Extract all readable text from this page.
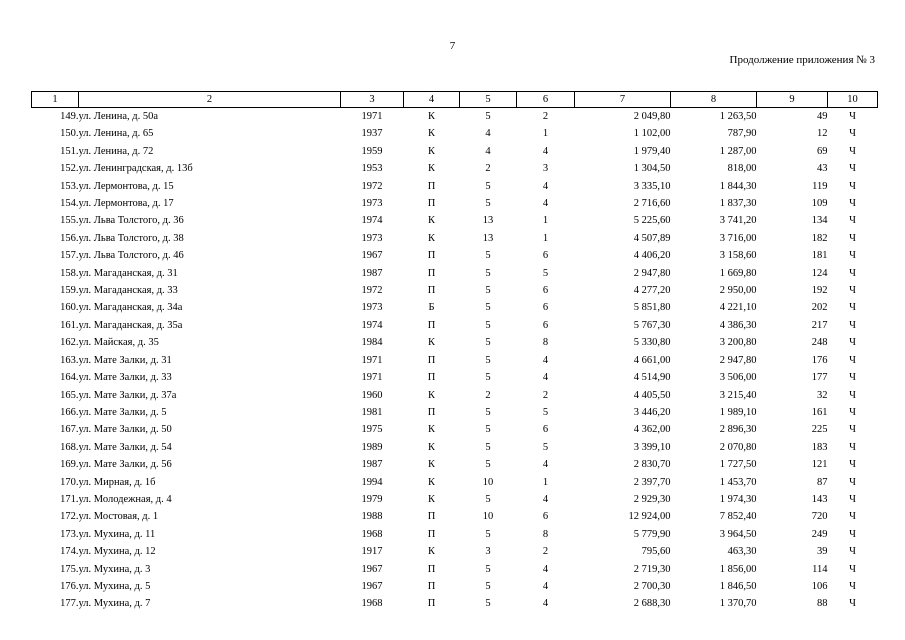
7
Продолжение приложения № 3
1	2	3	4	5	6	7	8	9	10
149.	ул. Ленина, д. 50а	1971	К	5	2	2 049,80	1 263,50	49	Ч
150.	ул. Ленина, д. 65	1937	К	4	1	1 102,00	787,90	12	Ч
151.	ул. Ленина, д. 72	1959	К	4	4	1 979,40	1 287,00	69	Ч
152.	ул. Ленинградская, д. 13б	1953	К	2	3	1 304,50	818,00	43	Ч
153.	ул. Лермонтова, д. 15	1972	П	5	4	3 335,10	1 844,30	119	Ч
154.	ул. Лермонтова, д. 17	1973	П	5	4	2 716,60	1 837,30	109	Ч
155.	ул. Льва Толстого, д. 36	1974	К	13	1	5 225,60	3 741,20	134	Ч
156.	ул. Льва Толстого, д. 38	1973	К	13	1	4 507,89	3 716,00	182	Ч
157.	ул. Льва Толстого, д. 46	1967	П	5	6	4 406,20	3 158,60	181	Ч
158.	ул. Магаданская, д. 31	1987	П	5	5	2 947,80	1 669,80	124	Ч
159.	ул. Магаданская, д. 33	1972	П	5	6	4 277,20	2 950,00	192	Ч
160.	ул. Магаданская, д. 34а	1973	Б	5	6	5 851,80	4 221,10	202	Ч
161.	ул. Магаданская, д. 35а	1974	П	5	6	5 767,30	4 386,30	217	Ч
162.	ул. Майская, д. 35	1984	К	5	8	5 330,80	3 200,80	248	Ч
163.	ул. Мате Залки, д. 31	1971	П	5	4	4 661,00	2 947,80	176	Ч
164.	ул. Мате Залки, д. 33	1971	П	5	4	4 514,90	3 506,00	177	Ч
165.	ул. Мате Залки, д. 37а	1960	К	2	2	4 405,50	3 215,40	32	Ч
166.	ул. Мате Залки, д. 5	1981	П	5	5	3 446,20	1 989,10	161	Ч
167.	ул. Мате Залки, д. 50	1975	К	5	6	4 362,00	2 896,30	225	Ч
168.	ул. Мате Залки, д. 54	1989	К	5	5	3 399,10	2 070,80	183	Ч
169.	ул. Мате Залки, д. 56	1987	К	5	4	2 830,70	1 727,50	121	Ч
170.	ул. Мирная, д. 1б	1994	К	10	1	2 397,70	1 453,70	87	Ч
171.	ул. Молодежная, д. 4	1979	К	5	4	2 929,30	1 974,30	143	Ч
172.	ул. Мостовая, д. 1	1988	П	10	6	12 924,00	7 852,40	720	Ч
173.	ул. Мухина, д. 11	1968	П	5	8	5 779,90	3 964,50	249	Ч
174.	ул. Мухина, д. 12	1917	К	3	2	795,60	463,30	39	Ч
175.	ул. Мухина, д. 3	1967	П	5	4	2 719,30	1 856,00	114	Ч
176.	ул. Мухина, д. 5	1967	П	5	4	2 700,30	1 846,50	106	Ч
177.	ул. Мухина, д. 7	1968	П	5	4	2 688,30	1 370,70	88	Ч
